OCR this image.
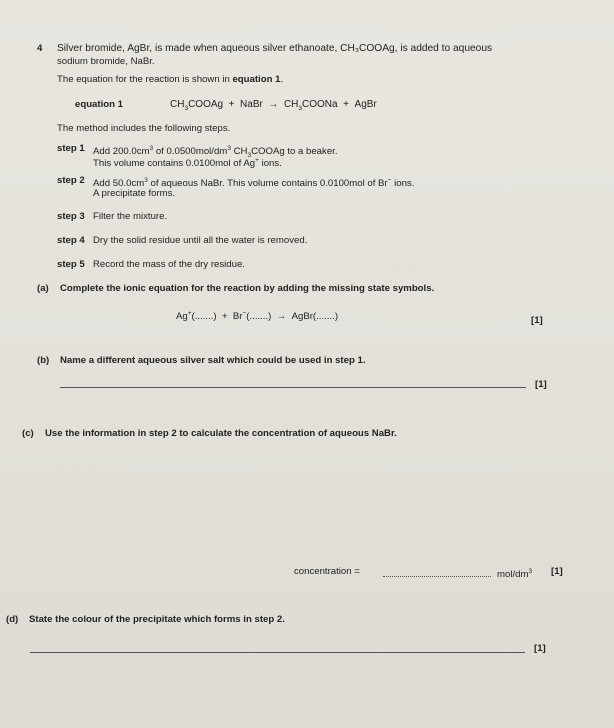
· · · · · · · · · · ·
· · · · · · · ·
· · · · · · · · · · · · ·
4 Silver bromide, AgBr, is made when aqueous silver ethanoate, CH₃COOAg, is added to aqueous
sodium bromide, NaBr.
The equation for the reaction is shown in equation 1.
equation 1	$CH_3COOAg$  +  NaBr  →  $CH_3COONa$  +  AgBr
The method includes the following steps.
step 1 Add $200.0cm^3$ of $0.0500mol/dm^3$ $CH_3COOAg$ to a beaker.
This volume contains 0.0100mol of Ag+ ions.
step 2 Add $50.0cm^3$ of aqueous NaBr. This volume contains 0.0100mol of Br− ions.
A precipitate forms.
step 3 Filter the mixture.
step 4 Dry the solid residue until all the water is removed.
step 5 Record the mass of the dry residue.
(a) Complete the ionic equation for the reaction by adding the missing state symbols.
Ag+(.......)  +  Br−(.......)  →  AgBr(.......)	[1]
(b) Name a different aqueous silver salt which could be used in step 1.
[1]
(c) Use the information in step 2 to calculate the concentration of aqueous NaBr.
concentration =	mol/$dm^3$ [1]
(d) State the colour of the precipitate which forms in step 2.
[1]
